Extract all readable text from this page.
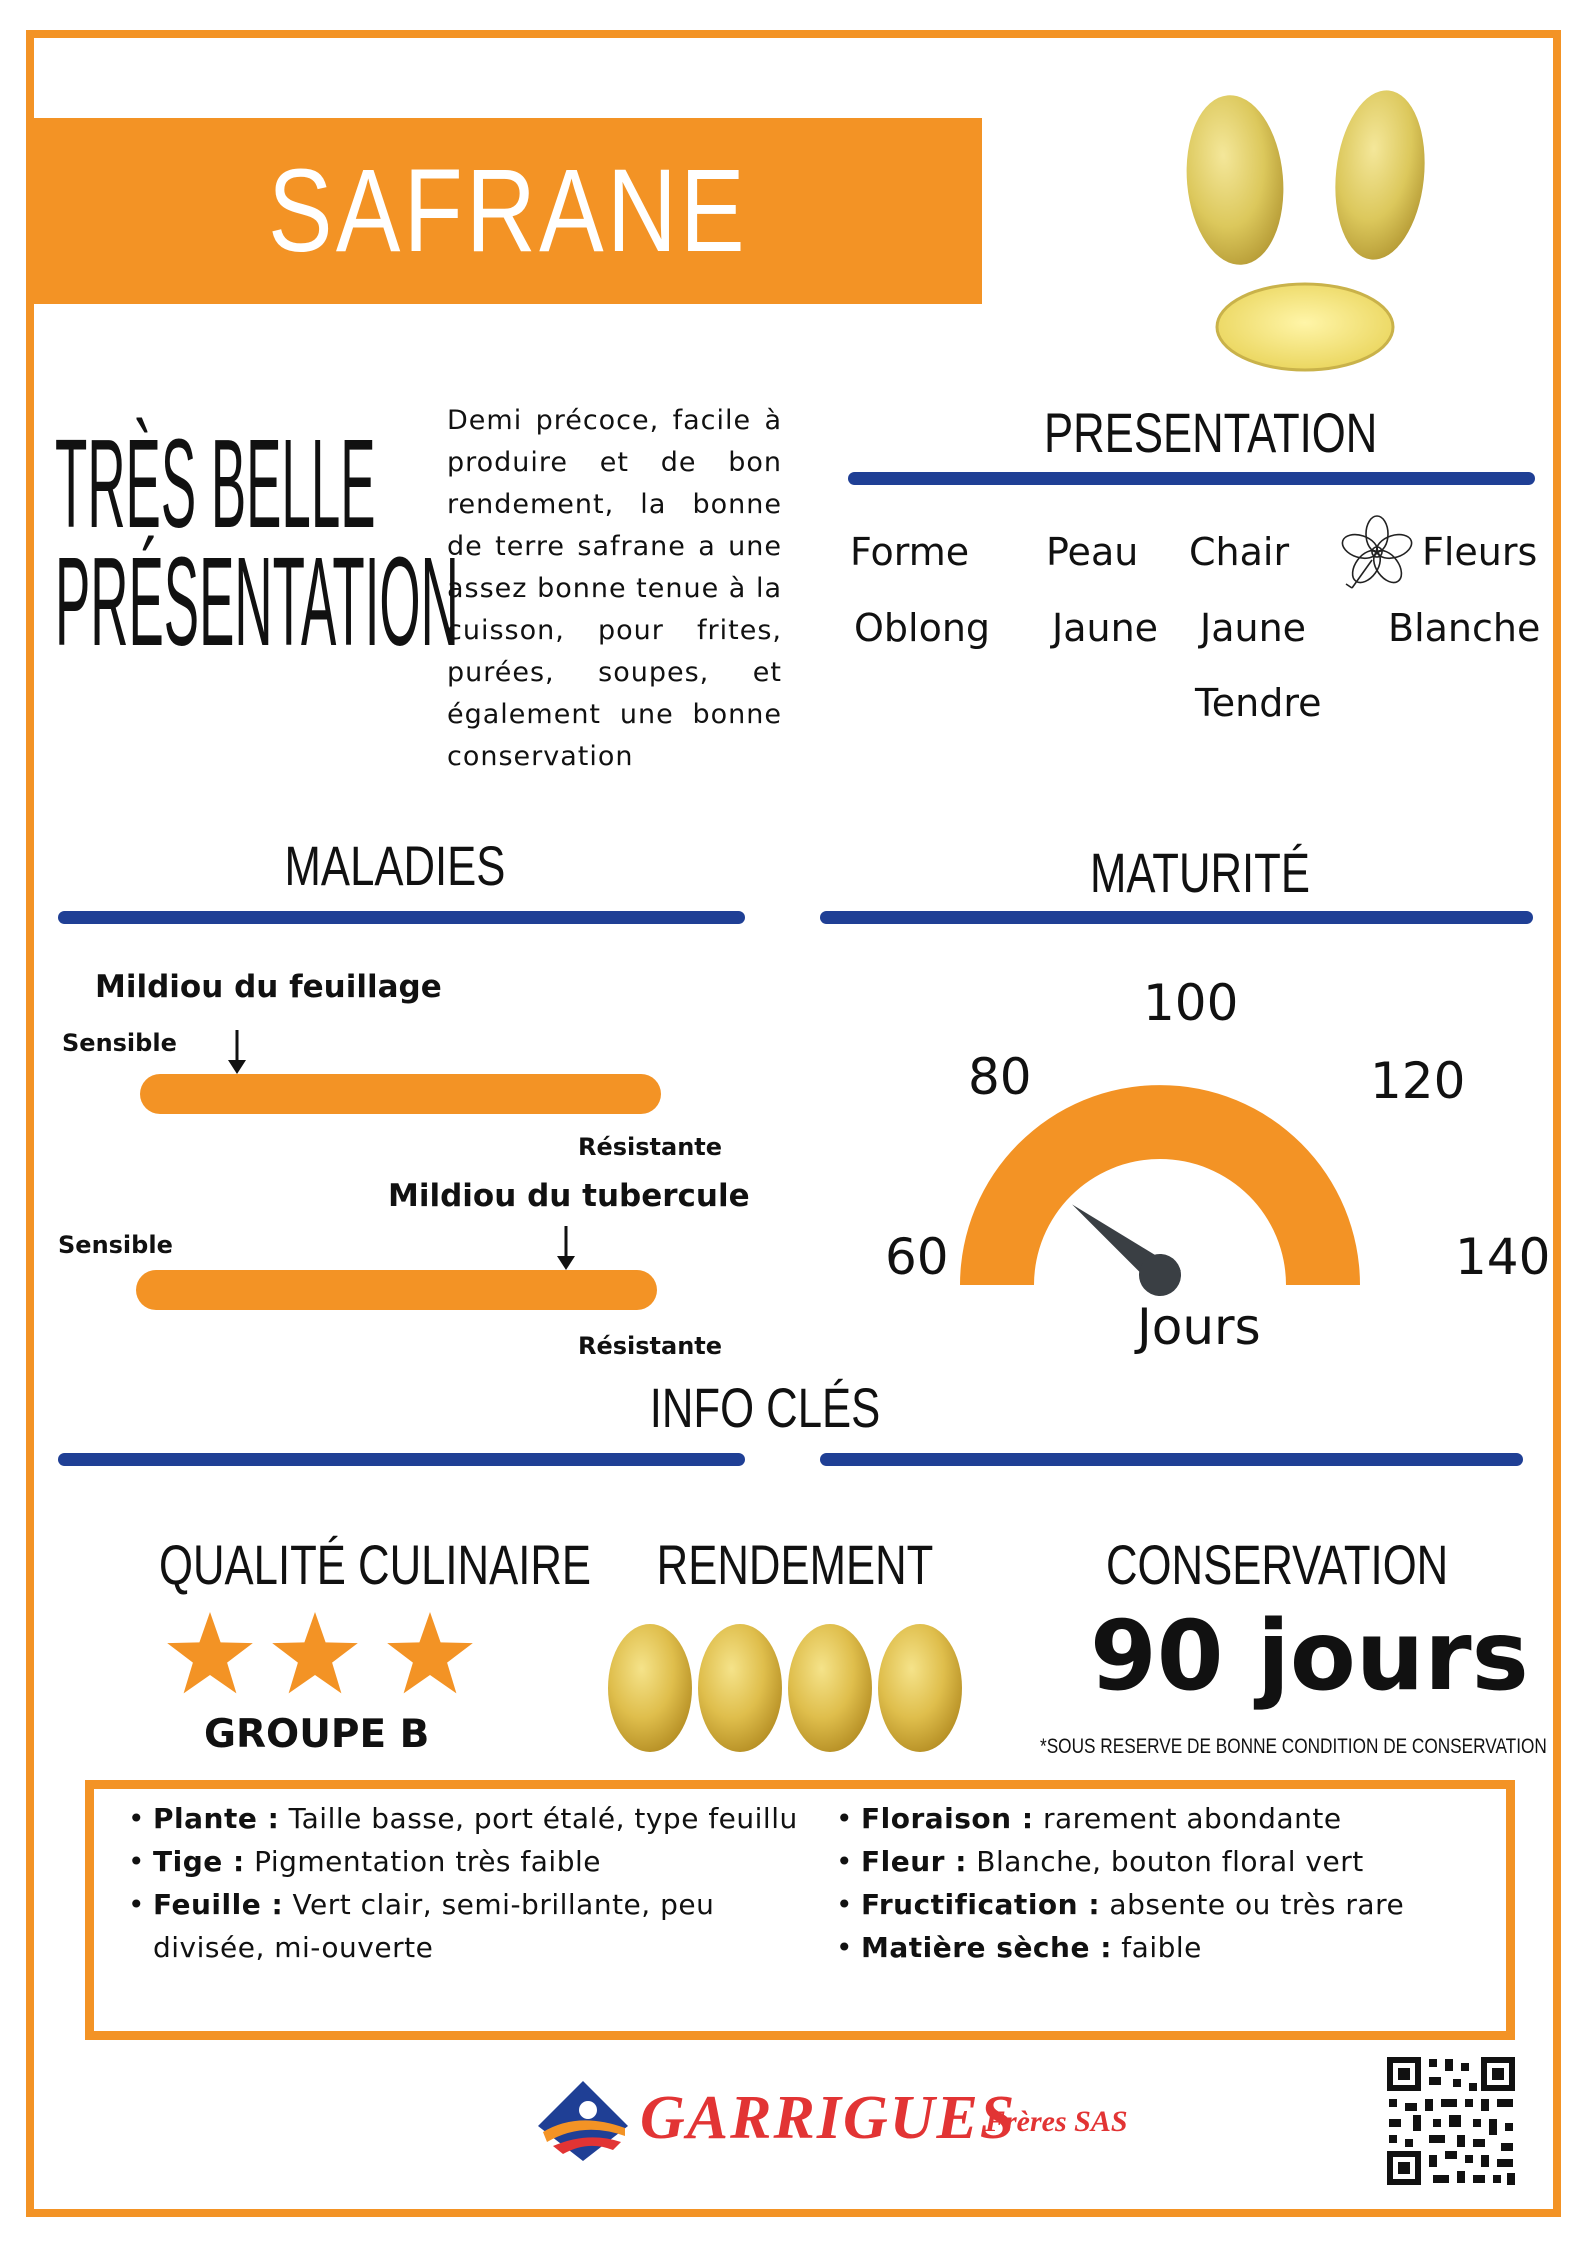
SAFRANE
TRÈS BELLE
PRÉSENTATION
Demi précoce, facile à produire et de bon rendement, la bonne de terre safrane a une assez bonne tenue à la cuisson, pour frites, purées, soupes, et également une bonne conservation
PRESENTATION
Forme Peau Chair	Fleurs
Oblong Jaune Jaune Blanche
Tendre
MALADIES
Mildiou du feuillage
Sensible
Résistante
Mildiou du tubercule
Sensible
Résistante
MATURITÉ
60
80
100
120
140
Jours
INFO CLÉS
QUALITÉ CULINAIRE
GROUPE B
RENDEMENT	CONSERVATION
90 jours
*SOUS RESERVE DE BONNE CONDITION DE CONSERVATION
• Plante : Taille basse, port étalé, type feuillu
• Tige : Pigmentation très faible
• Feuille : Vert clair, semi-brillante, peu divisée, mi-ouverte
• Floraison : rarement abondante
• Fleur : Blanche, bouton floral vert
• Fructification : absente ou très rare
• Matière sèche : faible
GARRIGUES
Frères SAS
